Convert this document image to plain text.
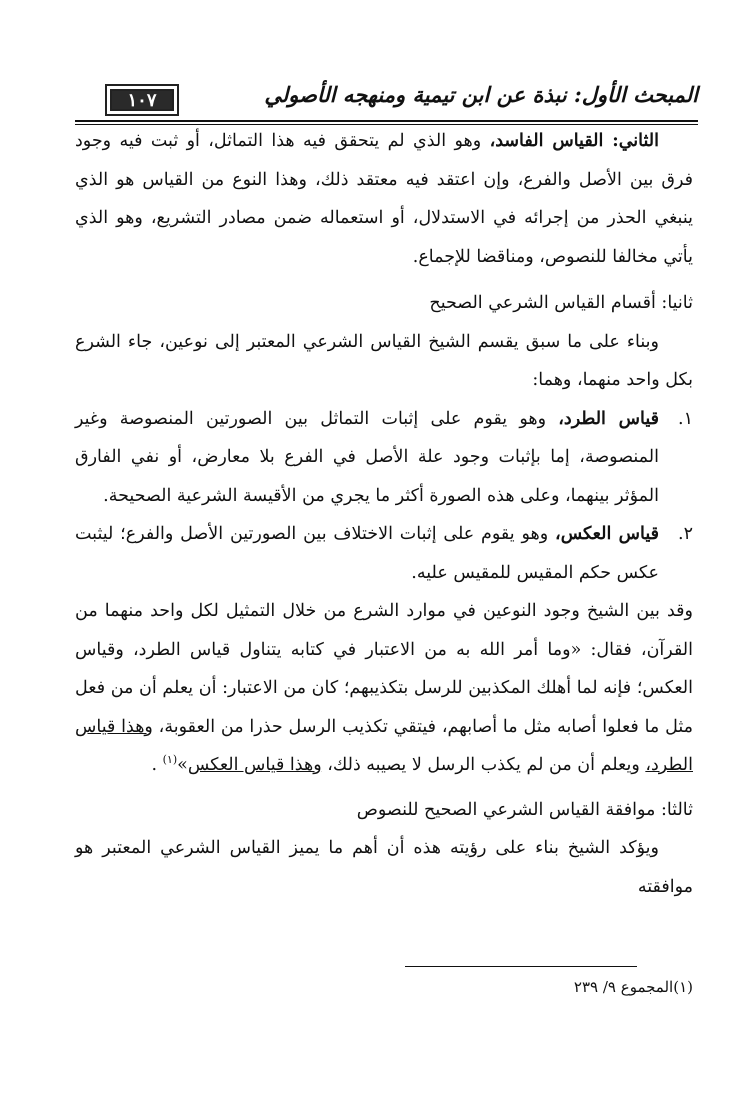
المبحث الأول: نبذة عن ابن تيمية ومنهجه الأصولي
١٠٧

الثاني: القياس الفاسد، وهو الذي لم يتحقق فيه هذا التماثل، أو ثبت فيه وجود فرق بين الأصل والفرع، وإن اعتقد فيه معتقد ذلك، وهذا النوع من القياس هو الذي ينبغي الحذر من إجرائه في الاستدلال، أو استعماله ضمن مصادر التشريع، وهو الذي يأتي مخالفا للنصوص، ومناقضا للإجماع.

ثانيا: أقسام القياس الشرعي الصحيح

وبناء على ما سبق يقسم الشيخ القياس الشرعي المعتبر إلى نوعين، جاء الشرع بكل واحد منهما، وهما:

١.
قياس الطرد، وهو يقوم على إثبات التماثل بين الصورتين المنصوصة وغير المنصوصة، إما بإثبات وجود علة الأصل في الفرع بلا معارض، أو نفي الفارق المؤثر بينهما، وعلى هذه الصورة أكثر ما يجري من الأقيسة الشرعية الصحيحة.
٢.
قياس العكس، وهو يقوم على إثبات الاختلاف بين الصورتين الأصل والفرع؛ ليثبت عكس حكم المقيس للمقيس عليه.

وقد بين الشيخ وجود النوعين في موارد الشرع من خلال التمثيل لكل واحد منهما من القرآن، فقال: «وما أمر الله به من الاعتبار في كتابه يتناول قياس الطرد، وقياس العكس؛ فإنه لما أهلك المكذبين للرسل بتكذيبهم؛ كان من الاعتبار: أن يعلم أن من فعل مثل ما فعلوا أصابه مثل ما أصابهم، فيتقي تكذيب الرسل حذرا من العقوبة، وهذا قياس الطرد، ويعلم أن من لم يكذب الرسل لا يصيبه ذلك، وهذا قياس العكس»$^{(١)}$ .

ثالثا: موافقة القياس الشرعي الصحيح للنصوص

ويؤكد الشيخ بناء على رؤيته هذه أن أهم ما يميز القياس الشرعي المعتبر هو موافقته

(١)المجموع ٩/ ٢٣٩
